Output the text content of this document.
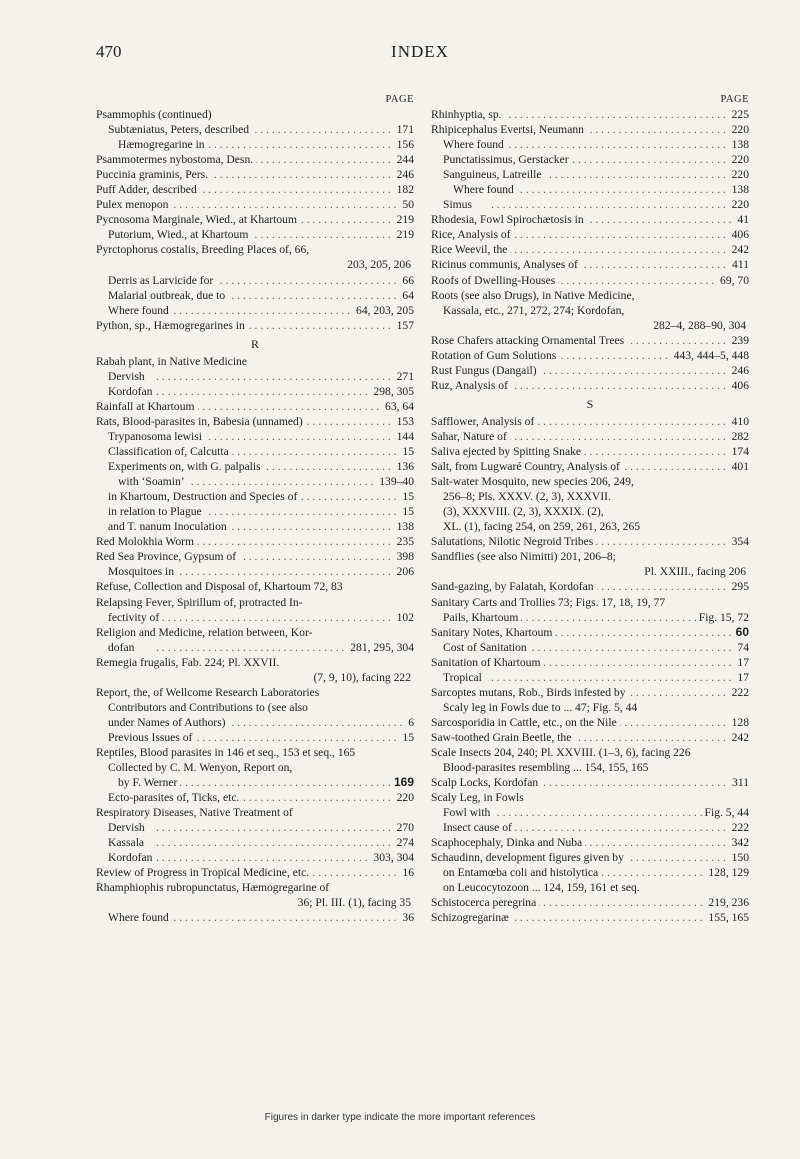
470	INDEX
PAGE
Psammophis (continued)
Subtæniatus, Peters, described	171
. . .
Hæmogregarine in	156
. . .
Psammotermes nybostoma, Desn.	244
. . .
Puccinia graminis, Pers.	246
. . .
Puff Adder, described	182
. . .
Pulex menopon	50
. . .
Pycnosoma Marginale, Wied., at Khartoum	219
. . .
Putorium, Wied., at Khartoum	219
. . .
Pyrctophorus costalis, Breeding Places of, 66,
203, 205, 206
Derris as Larvicide for	66
. . .
Malarial outbreak, due to	64
. . .
Where found	64, 203, 205
. . .
Python, sp., Hæmogregarines in	157
. . .
R
Rabah plant, in Native Medicine
Dervish	271
. . .
Kordofan	298, 305
. . .
Rainfall at Khartoum	63, 64
. . .
Rats, Blood-parasites in, Babesia (unnamed)	153
. . .
Trypanosoma lewisi	144
. . .
Classification of, Calcutta	15
. . .
Experiments on, with G. palpalis	136
. . .
with ‘Soamin’	139–40
. . .
in Khartoum, Destruction and Species of	15
. . .
in relation to Plague	15
. . .
and T. nanum Inoculation	138
. . .
Red Molokhia Worm	235
. . .
Red Sea Province, Gypsum of	398
. . .
Mosquitoes in	206
. . .
Refuse, Collection and Disposal of, Khartoum 72, 83
Relapsing Fever, Spirillum of, protracted In-
fectivity of	102
. . .
Religion and Medicine, relation between, Kor-
dofan	281, 295, 304
. . .
Remegia frugalis, Fab. 224; Pl. XXVII.
(7, 9, 10), facing 222
Report, the, of Wellcome Research Laboratories
Contributors and Contributions to (see also
under Names of Authors)	6
. . .
Previous Issues of	15
. . .
Reptiles, Blood parasites in 146 et seq., 153 et seq., 165
Collected by C. M. Wenyon, Report on,
by F. Werner	169
. . .
Ecto-parasites of, Ticks, etc.	220
. . .
Respiratory Diseases, Native Treatment of
Dervish	270
. . .
Kassala	274
. . .
Kordofan	303, 304
. . .
Review of Progress in Tropical Medicine, etc.	16
. . .
Rhamphiophis rubropunctatus, Hæmogregarine of
36; Pl. III. (1), facing 35
Where found	36
. . .
PAGE
Rhinhyptia, sp.	225
. . .
Rhipicephalus Evertsi, Neumann	220
. . .
Where found	138
. . .
Punctatissimus, Gerstacker	220
. . .
Sanguineus, Latreille	220
. . .
Where found	138
. . .
Simus	220
. . .
Rhodesia, Fowl Spirochætosis in	41
. . .
Rice, Analysis of	406
. . .
Rice Weevil, the	242
. . .
Ricinus communis, Analyses of	411
. . .
Roofs of Dwelling-Houses	69, 70
. . .
Roots (see also Drugs), in Native Medicine,
Kassala, etc., 271, 272, 274; Kordofan,
282–4, 288–90, 304
Rose Chafers attacking Ornamental Trees	239
. . .
Rotation of Gum Solutions	443, 444–5, 448
. . .
Rust Fungus (Dangail)	246
. . .
Ruz, Analysis of	406
. . .
S
Safflower, Analysis of	410
. . .
Sahar, Nature of	282
. . .
Saliva ejected by Spitting Snake	174
. . .
Salt, from Lugwaré Country, Analysis of	401
. . .
Salt-water Mosquito, new species 206, 249,
256–8; Pls. XXXV. (2, 3), XXXVII.
(3), XXXVIII. (2, 3), XXXIX. (2),
XL. (1), facing 254, on 259, 261, 263, 265
Salutations, Nilotic Negroid Tribes	354
. . .
Sandflies (see also Nimitti) 201, 206–8;
Pl. XXIII., facing 206
Sand-gazing, by Falatah, Kordofan	295
. . .
Sanitary Carts and Trollies 73; Figs. 17, 18, 19, 77
Pails, Khartoum	Fig. 15, 72
. . .
Sanitary Notes, Khartoum	60
. . .
Cost of Sanitation	74
. . .
Sanitation of Khartoum	17
. . .
Tropical	17
. . .
Sarcoptes mutans, Rob., Birds infested by	222
. . .
Scaly leg in Fowls due to ... 47; Fig. 5, 44
Sarcosporidia in Cattle, etc., on the Nile	128
. . .
Saw-toothed Grain Beetle, the	242
. . .
Scale Insects 204, 240; Pl. XXVIII. (1–3, 6), facing 226
Blood-parasites resembling ... 154, 155, 165
Scalp Locks, Kordofan	311
. . .
Scaly Leg, in Fowls
Fowl with	Fig. 5, 44
. . .
Insect cause of	222
. . .
Scaphocephaly, Dinka and Nuba	342
. . .
Schaudinn, development figures given by	150
. . .
on Entamœba coli and histolytica	128, 129
. . .
on Leucocytozoon ... 124, 159, 161 et seq.
Schistocerca peregrina	219, 236
. . .
Schizogregarinæ	155, 165
. . .
Figures in darker type indicate the more important references
